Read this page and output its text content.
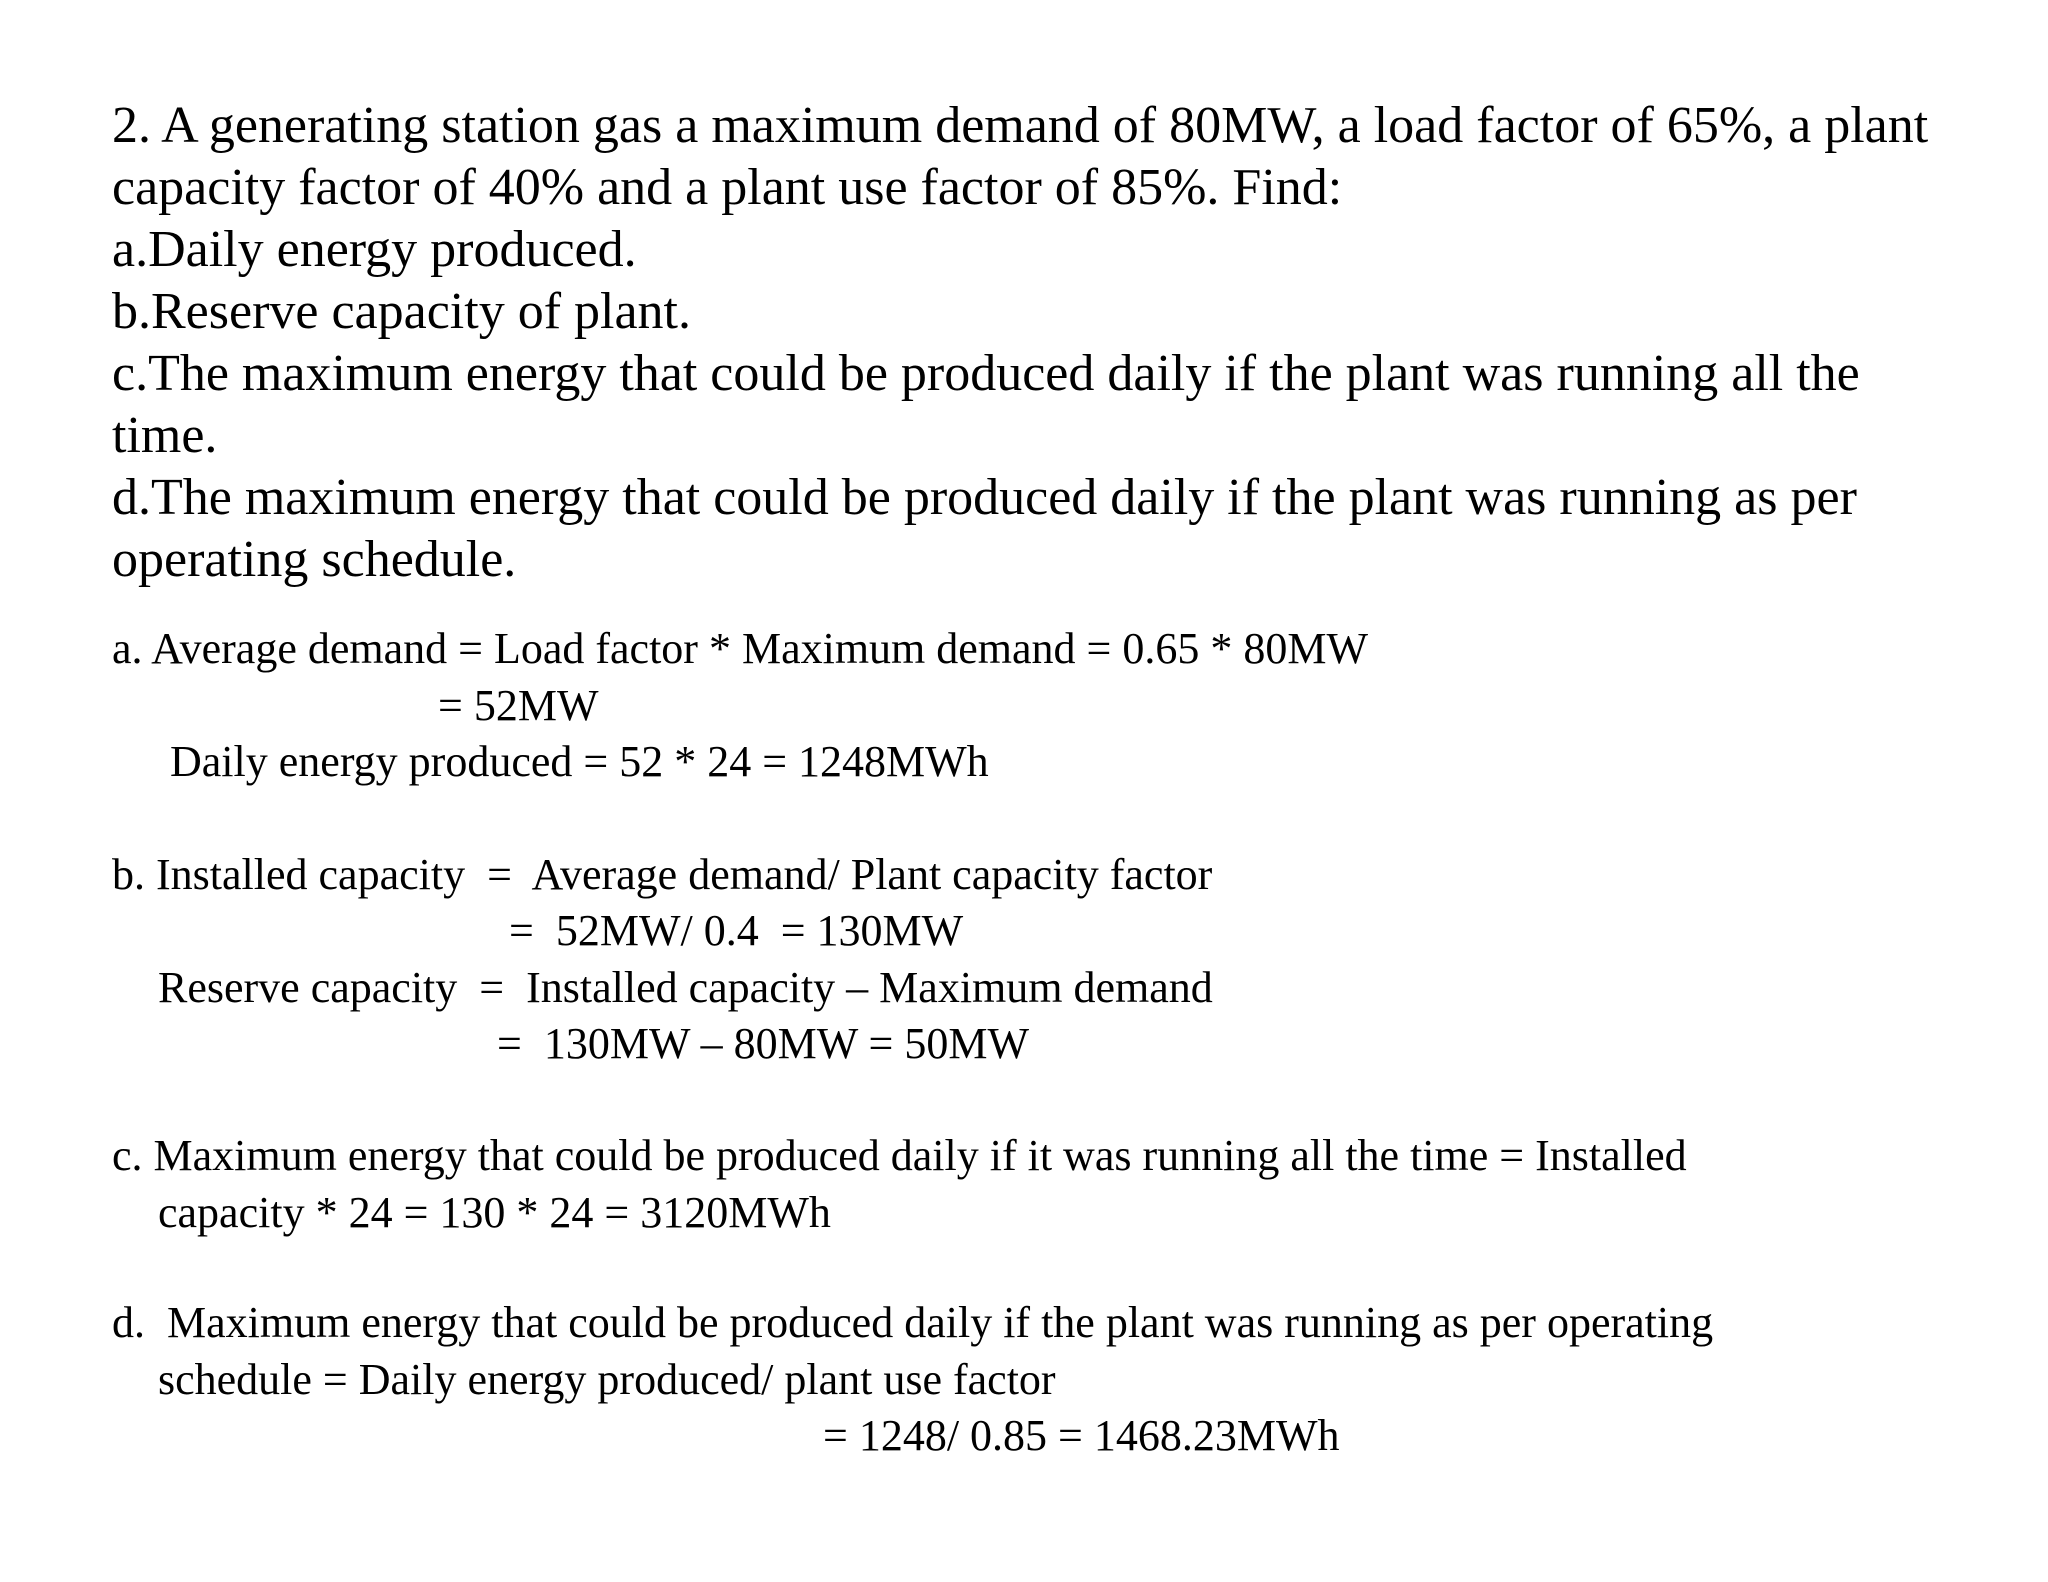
2. A generating station gas a maximum demand of 80MW, a load factor of 65%, a plant
capacity factor of 40% and a plant use factor of 85%. Find:
a.Daily energy produced.
b.Reserve capacity of plant.
c.The maximum energy that could be produced daily if the plant was running all the
time.
d.The maximum energy that could be produced daily if the plant was running as per
operating schedule.
a. Average demand = Load factor * Maximum demand = 0.65 * 80MW
= 52MW
Daily energy produced = 52 * 24 = 1248MWh
b. Installed capacity  =  Average demand/ Plant capacity factor
=  52MW/ 0.4  = 130MW
Reserve capacity  =  Installed capacity – Maximum demand
=  130MW – 80MW = 50MW
c. Maximum energy that could be produced daily if it was running all the time = Installed
capacity * 24 = 130 * 24 = 3120MWh
d.  Maximum energy that could be produced daily if the plant was running as per operating
schedule = Daily energy produced/ plant use factor
= 1248/ 0.85 = 1468.23MWh
